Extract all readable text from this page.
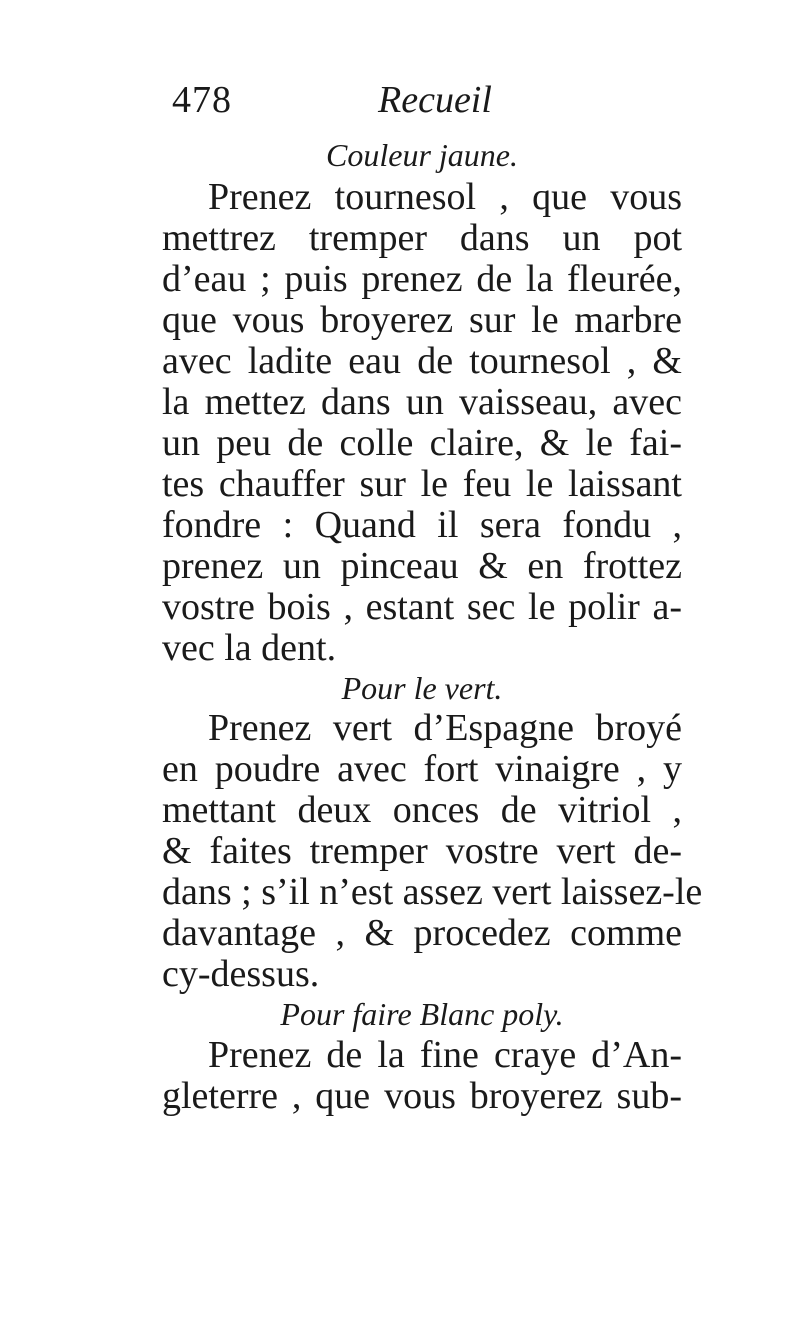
478	Recueil
Couleur jaune.
Prenez tournesol , que vous
mettrez tremper dans un pot
d’eau ; puis prenez de la fleurée,
que vous broyerez sur le marbre
avec ladite eau de tournesol , &
la mettez dans un vaisseau, avec
un peu de colle claire, & le fai-
tes chauffer sur le feu le laissant
fondre : Quand il sera fondu ,
prenez un pinceau & en frottez
vostre bois , estant sec le polir a-
vec la dent.
Pour le vert.
Prenez vert d’Espagne broyé
en poudre avec fort vinaigre , y
mettant deux onces de vitriol ,
& faites tremper vostre vert de-
dans ; s’il n’est assez vert laissez-le
davantage , & procedez comme
cy-dessus.
Pour faire Blanc poly.
Prenez de la fine craye d’An-
gleterre , que vous broyerez sub-
